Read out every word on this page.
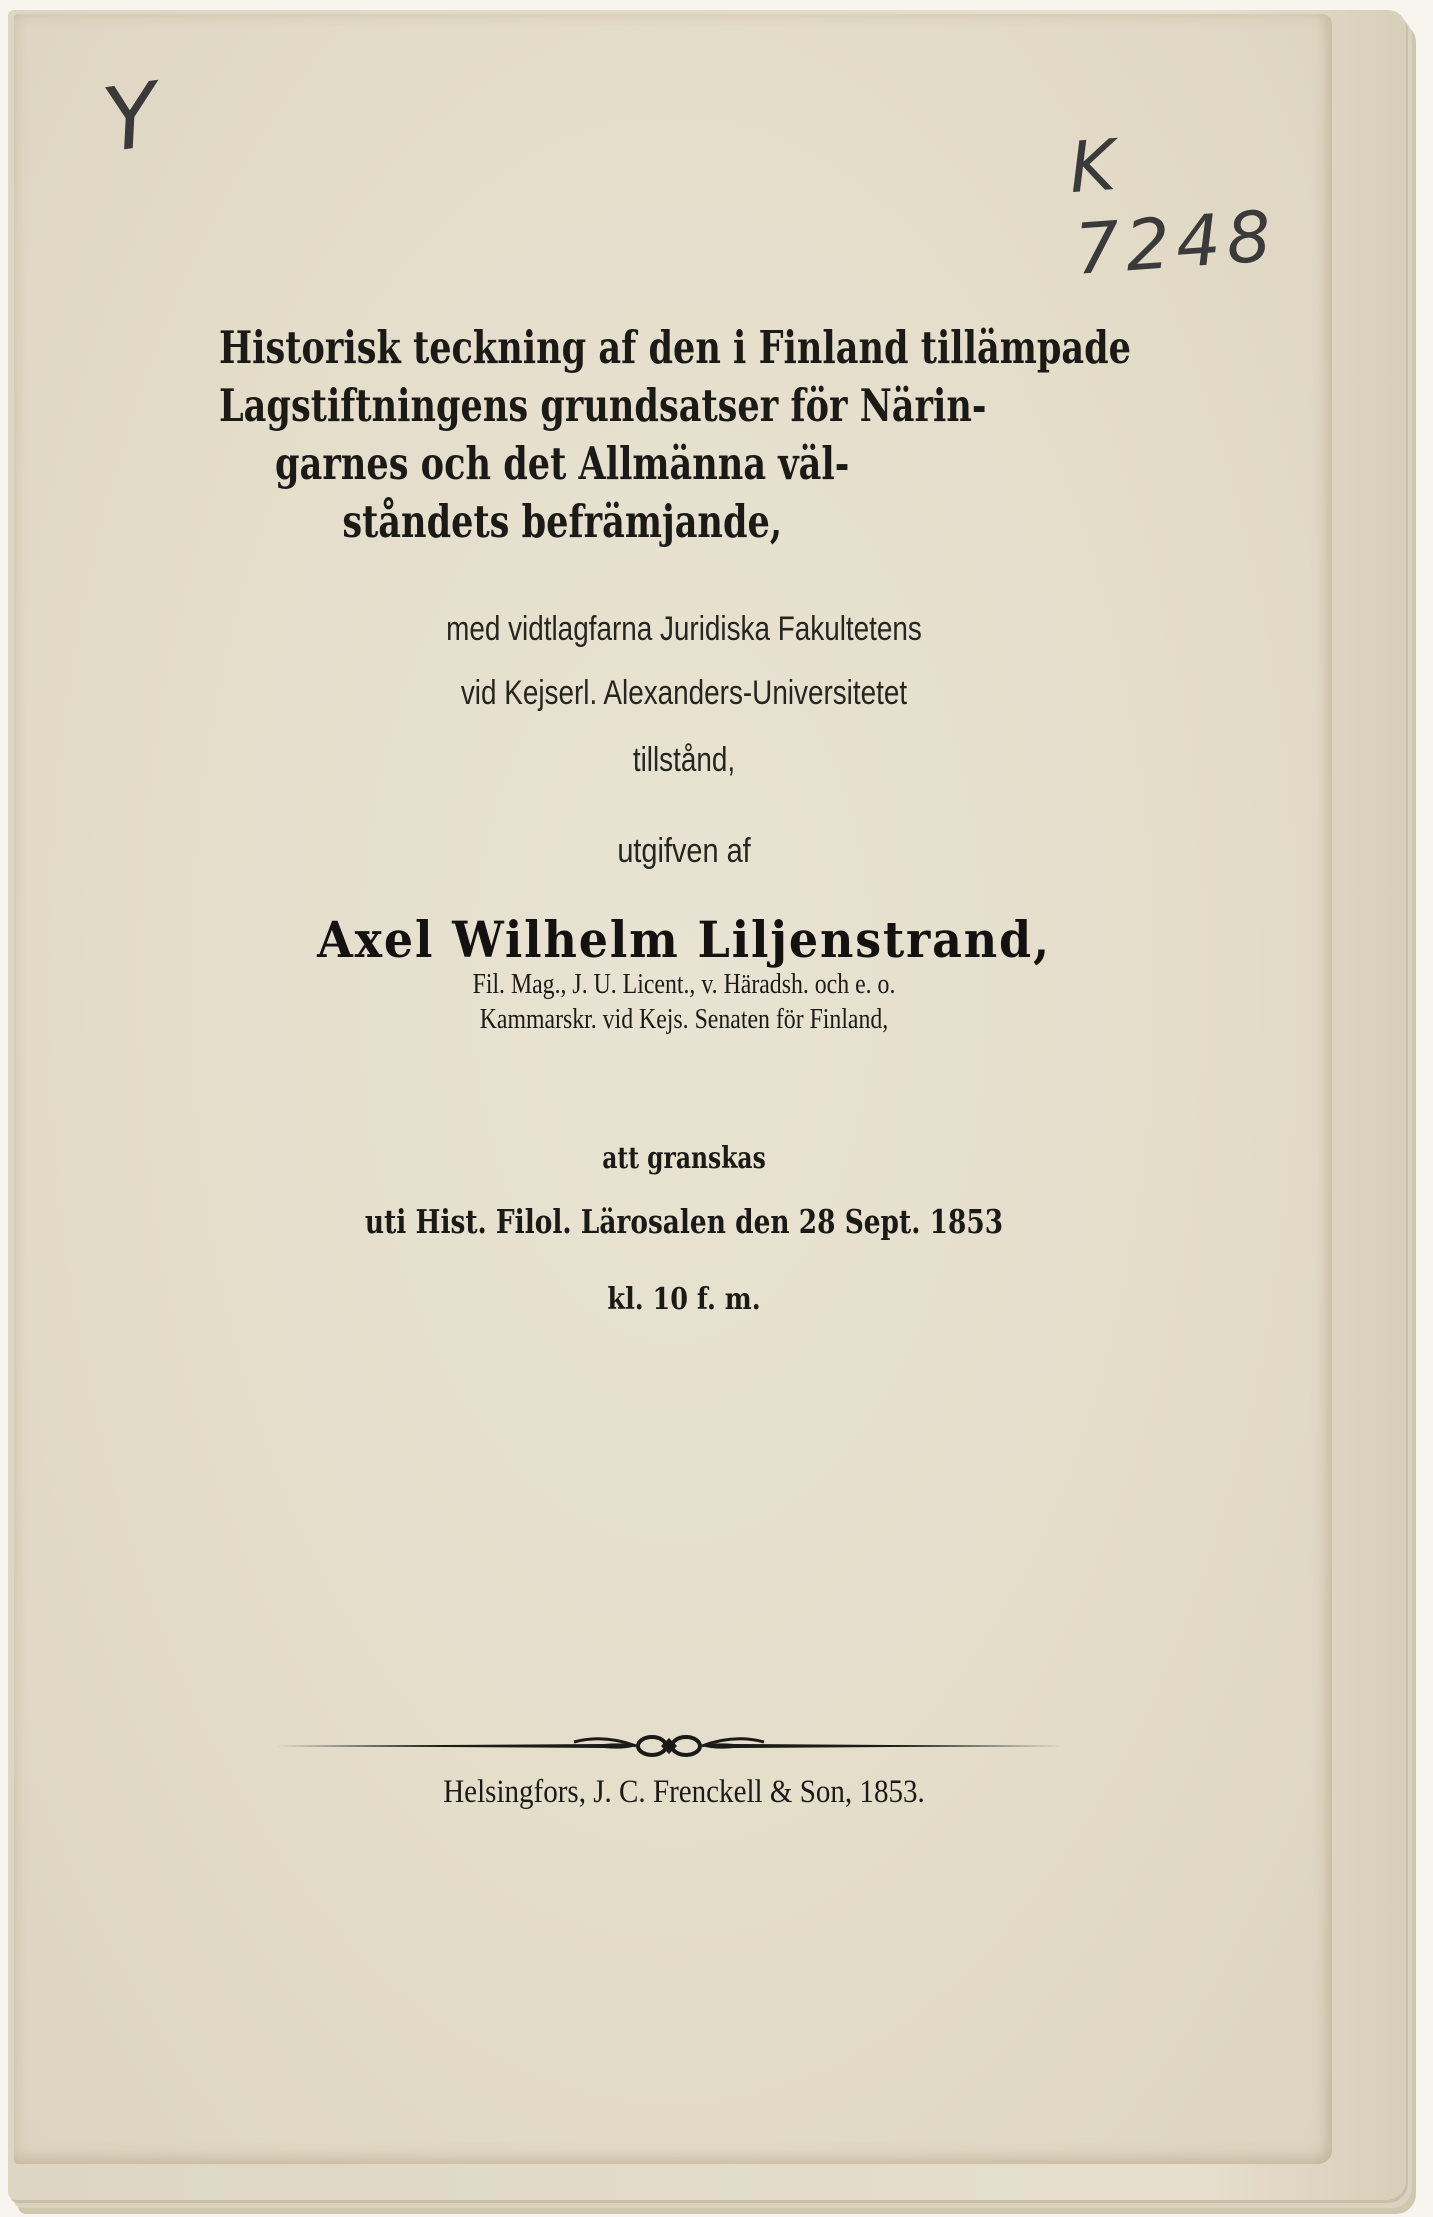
Y	K 7248
Historisk teckning af den i Finland tillämpade
Lagstiftningens grundsatser för Närin-
garnes och det Allmänna väl-
ståndets befrämjande,
med vidtlagfarna Juridiska Fakultetens
vid Kejserl. Alexanders-Universitetet
tillstånd,
utgifven af
Axel Wilhelm Liljenstrand,
Fil. Mag., J. U. Licent., v. Häradsh. och e. o.
Kammarskr. vid Kejs. Senaten för Finland,
att granskas
uti Hist. Filol. Lärosalen den 28 Sept. 1853
kl. 10 f. m.
Helsingfors, J. C. Frenckell & Son, 1853.
